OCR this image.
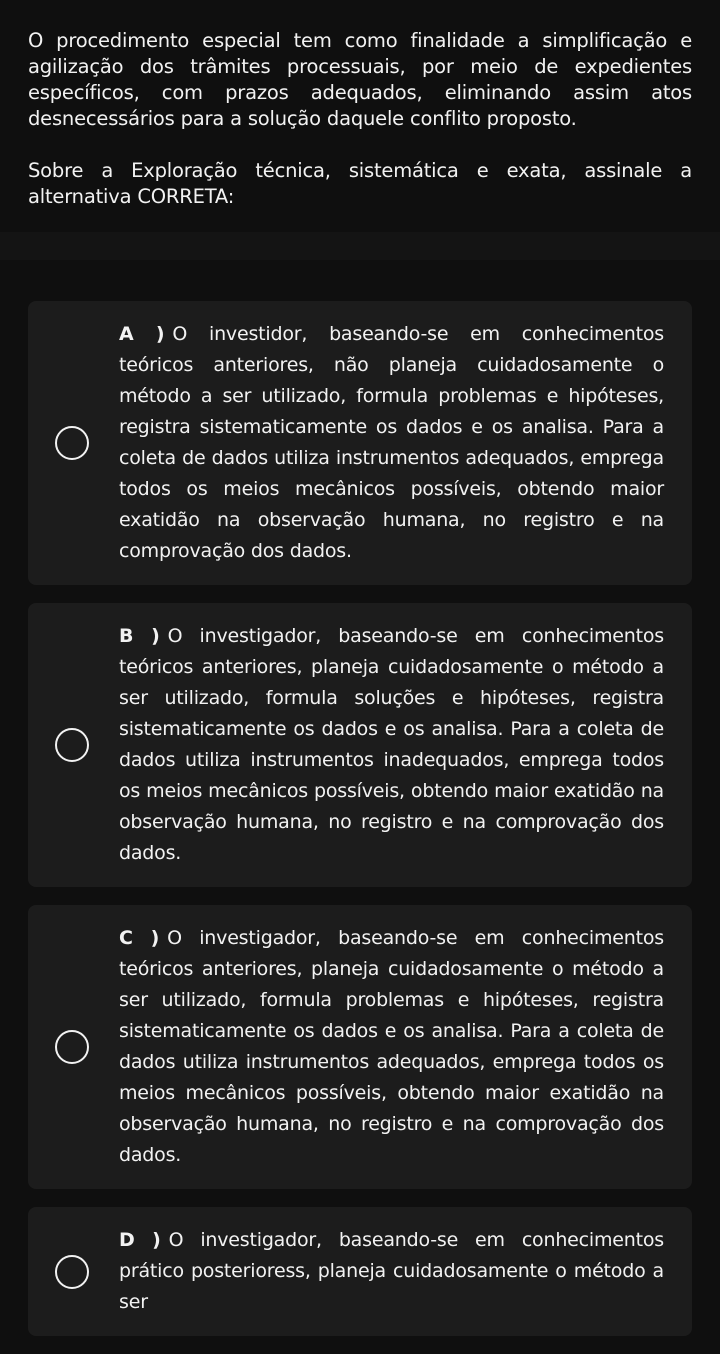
O procedimento especial tem como finalidade a simplificação e agilização dos trâmites processuais, por meio de expedientes específicos, com prazos adequados, eliminando assim atos desnecessários para a solução daquele conflito proposto.

Sobre a Exploração técnica, sistemática e exata, assinale a alternativa CORRETA:

A ) O investidor, baseando-se em conhecimentos teóricos anteriores, não planeja cuidadosamente o método a ser utilizado, formula problemas e hipóteses, registra sistematicamente os dados e os analisa. Para a coleta de dados utiliza instrumentos adequados, emprega todos os meios mecânicos possíveis, obtendo maior exatidão na observação humana, no registro e na comprovação dos dados.
B ) O investigador, baseando-se em conhecimentos teóricos anteriores, planeja cuidadosamente o método a ser utilizado, formula soluções e hipóteses, registra sistematicamente os dados e os analisa. Para a coleta de dados utiliza instrumentos inadequados, emprega todos os meios mecânicos possíveis, obtendo maior exatidão na observação humana, no registro e na comprovação dos dados.
C ) O investigador, baseando-se em conhecimentos teóricos anteriores, planeja cuidadosamente o método a ser utilizado, formula problemas e hipóteses, registra sistematicamente os dados e os analisa. Para a coleta de dados utiliza instrumentos adequados, emprega todos os meios mecânicos possíveis, obtendo maior exatidão na observação humana, no registro e na comprovação dos dados.
D ) O investigador, baseando-se em conhecimentos prático posterioress, planeja cuidadosamente o método a ser
